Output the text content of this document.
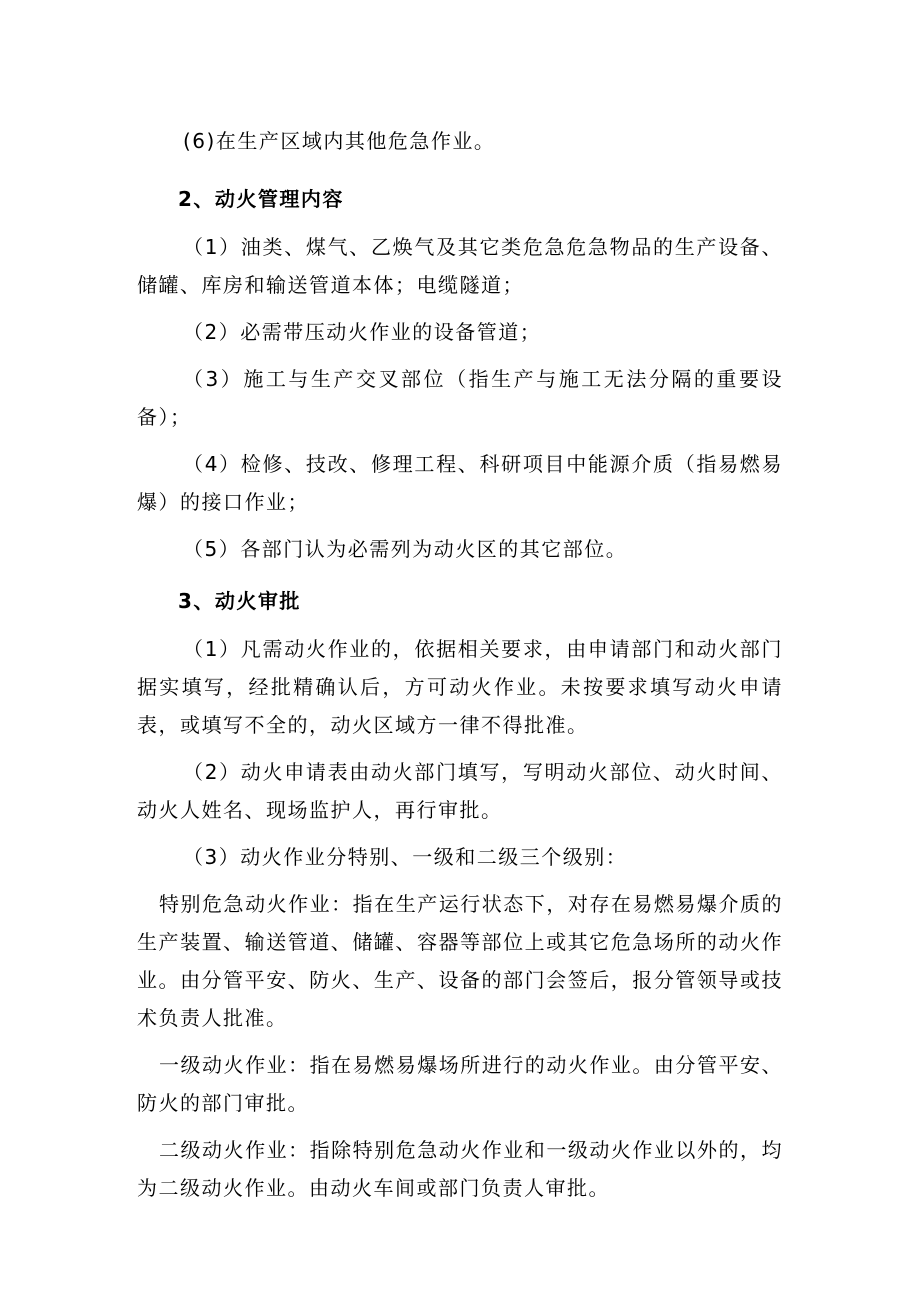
(6)在生产区域内其他危急作业。

2、动火管理内容

（1）油类、煤气、乙焕气及其它类危急危急物品的生产设备、储罐、库房和输送管道本体；电缆隧道；

（2）必需带压动火作业的设备管道；

（3）施工与生产交叉部位（指生产与施工无法分隔的重要设备）；

（4）检修、技改、修理工程、科研项目中能源介质（指易燃易爆）的接口作业；

（5）各部门认为必需列为动火区的其它部位。

3、动火审批

（1）凡需动火作业的，依据相关要求，由申请部门和动火部门据实填写，经批精确认后，方可动火作业。未按要求填写动火申请表，或填写不全的，动火区域方一律不得批准。

（2）动火申请表由动火部门填写，写明动火部位、动火时间、动火人姓名、现场监护人，再行审批。

（3）动火作业分特别、一级和二级三个级别：

特别危急动火作业：指在生产运行状态下，对存在易燃易爆介质的生产装置、输送管道、储罐、容器等部位上或其它危急场所的动火作业。由分管平安、防火、生产、设备的部门会签后，报分管领导或技术负责人批准。

一级动火作业：指在易燃易爆场所进行的动火作业。由分管平安、防火的部门审批。

二级动火作业：指除特别危急动火作业和一级动火作业以外的，均为二级动火作业。由动火车间或部门负责人审批。
